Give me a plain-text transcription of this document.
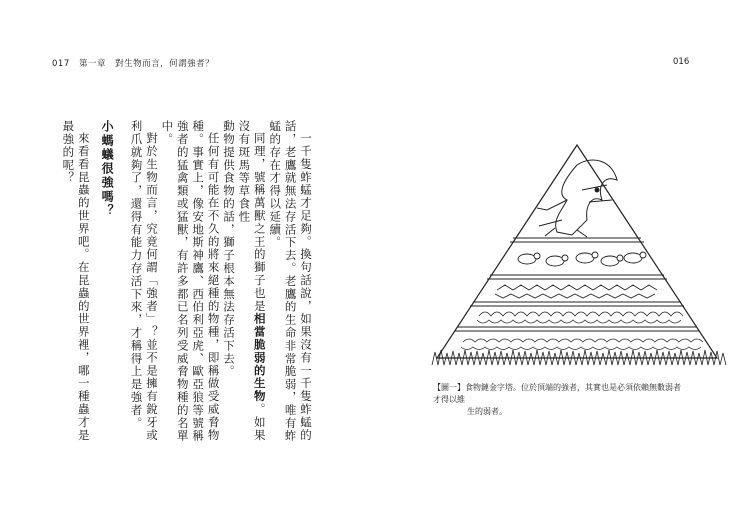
017 第一章 對生物而言，何謂強者？

一千隻蚱蜢才足夠。換句話說，如果沒有一千隻蚱蜢的話，老鷹就無法存活下去。老鷹的生命非常脆弱，唯有蚱蜢的存在才得以延續。

同理，號稱萬獸之王的獅子也是相當脆弱的生物。如果沒有斑馬等草食性

動物提供食物的話，獅子根本無法存活下去。

任何有可能在不久的將來絕種的物種，即稱做受威脅物種。事實上，像安地斯神鷹、西伯利亞虎、歐亞狼等號稱強者的猛禽類或猛獸，有許多都已名列受威脅物種的名單中。

對於生物而言，究竟何謂「強者」？並不是擁有銳牙或利爪就夠了，還得有能力存活下來，才稱得上是強者。

小螞蟻很強嗎？

來看看昆蟲的世界吧。在昆蟲的世界裡，哪一種蟲才是最強的呢？

016
【圖一】食物鏈金字塔。位於頂端的強者，其實也是必須依賴無數弱者才得以維
生的弱者。
